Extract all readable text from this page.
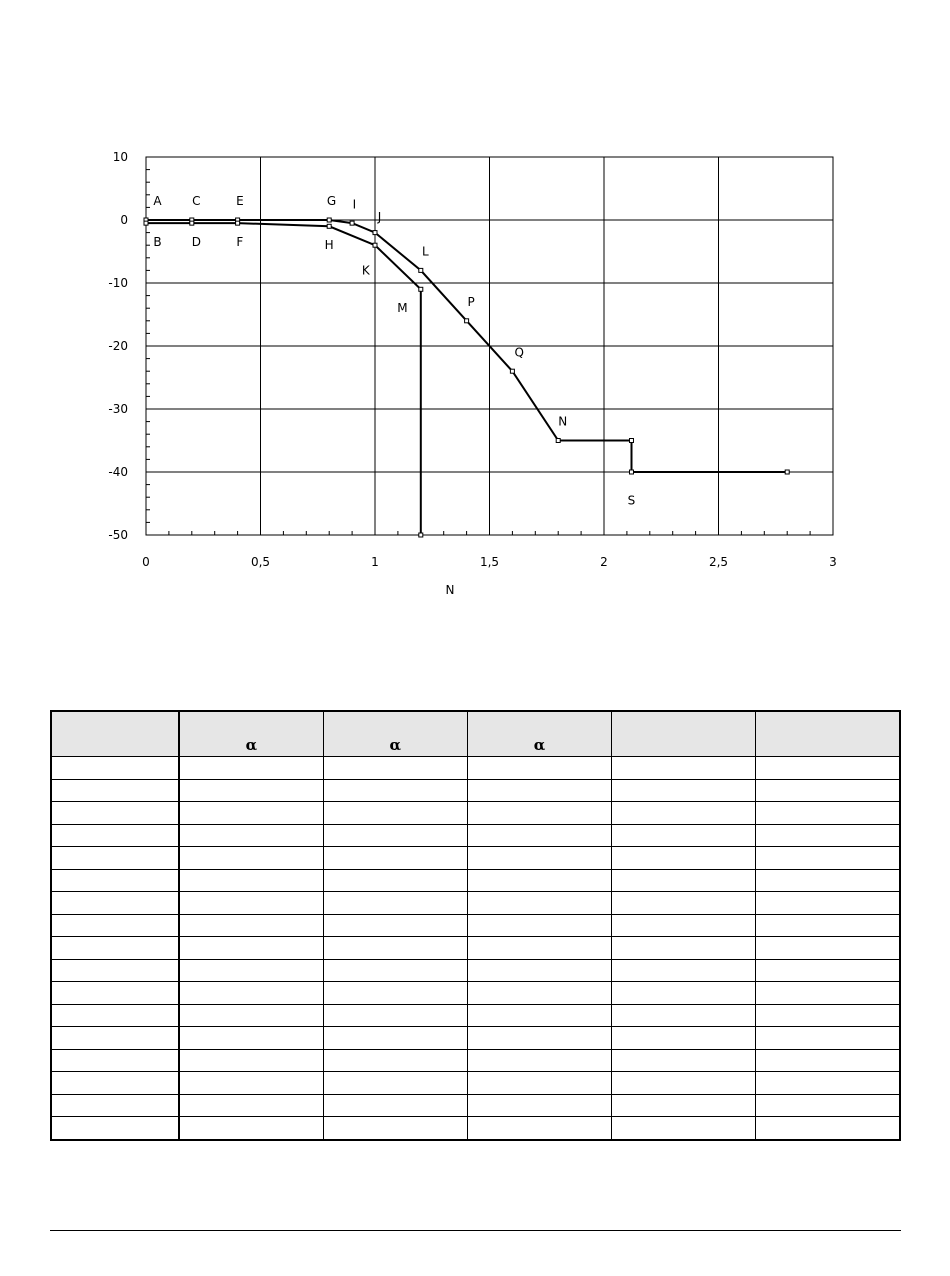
0	0,5	1	1,5	2	2,5	3
10
0
-10
-20
-30
-40
-50
A
B
C
D
E
F
G
H
I
J
K
L
M	P
Q
N
S
N
	α	α	α		
